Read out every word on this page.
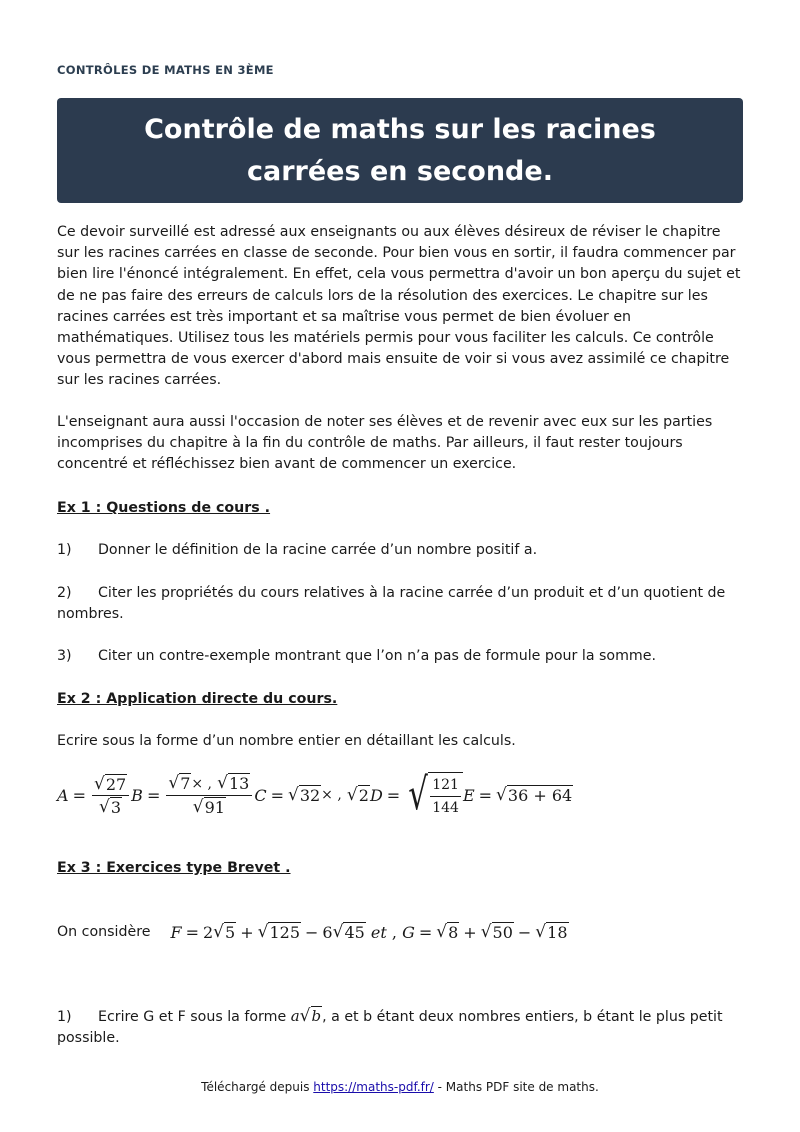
CONTRÔLES DE MATHS EN 3ÈME
Contrôle de maths sur les racines carrées en seconde.

Ce devoir surveillé est adressé aux enseignants ou aux élèves désireux de réviser le chapitre sur les racines carrées en classe de seconde. Pour bien vous en sortir, il faudra commencer par bien lire l'énoncé intégralement. En effet, cela vous permettra d'avoir un bon aperçu du sujet et de ne pas faire des erreurs de calculs lors de la résolution des exercices. Le chapitre sur les racines carrées est très important et sa maîtrise vous permet de bien évoluer en mathématiques. Utilisez tous les matériels permis pour vous faciliter les calculs. Ce contrôle vous permettra de vous exercer d'abord mais ensuite de voir si vous avez assimilé ce chapitre sur les racines carrées.

L'enseignant aura aussi l'occasion de noter ses élèves et de revenir avec eux sur les parties incomprises du chapitre à la fin du contrôle de maths. Par ailleurs, il faut rester toujours concentré et réfléchissez bien avant de commencer un exercice.

Ex 1 : Questions de cours .
1) Donner le définition de la racine carrée d’un nombre positif a.
2) Citer les propriétés du cours relatives à la racine carrée d’un produit et d’un quotient de nombres.
3) Citer un contre-exemple montrant que l’on n’a pas de formule pour la somme.
Ex 2 : Application directe du cours.
Ecrire sous la forme d’un nombre entier en détaillant les calculs.
$A = \frac{√ 27}{√ 3}$ $B = \frac{√ 7 \times , √ 13}{√ 91}$ C = √ 32 × ,
√ 2 D = √ $\frac{121}{144}$ E = √ 36 + 64
Ex 3 : Exercices type Brevet .
On considère F = 2 √ 5 + √ 125 − 6 √ 45
et , G = √ 8 + √ 50 − √ 18
1) Ecrire G et F sous la forme a √ b , a et b étant deux nombres entiers, b étant le plus petit possible.
Téléchargé depuis https://maths-pdf.fr/ - Maths PDF site de maths.
